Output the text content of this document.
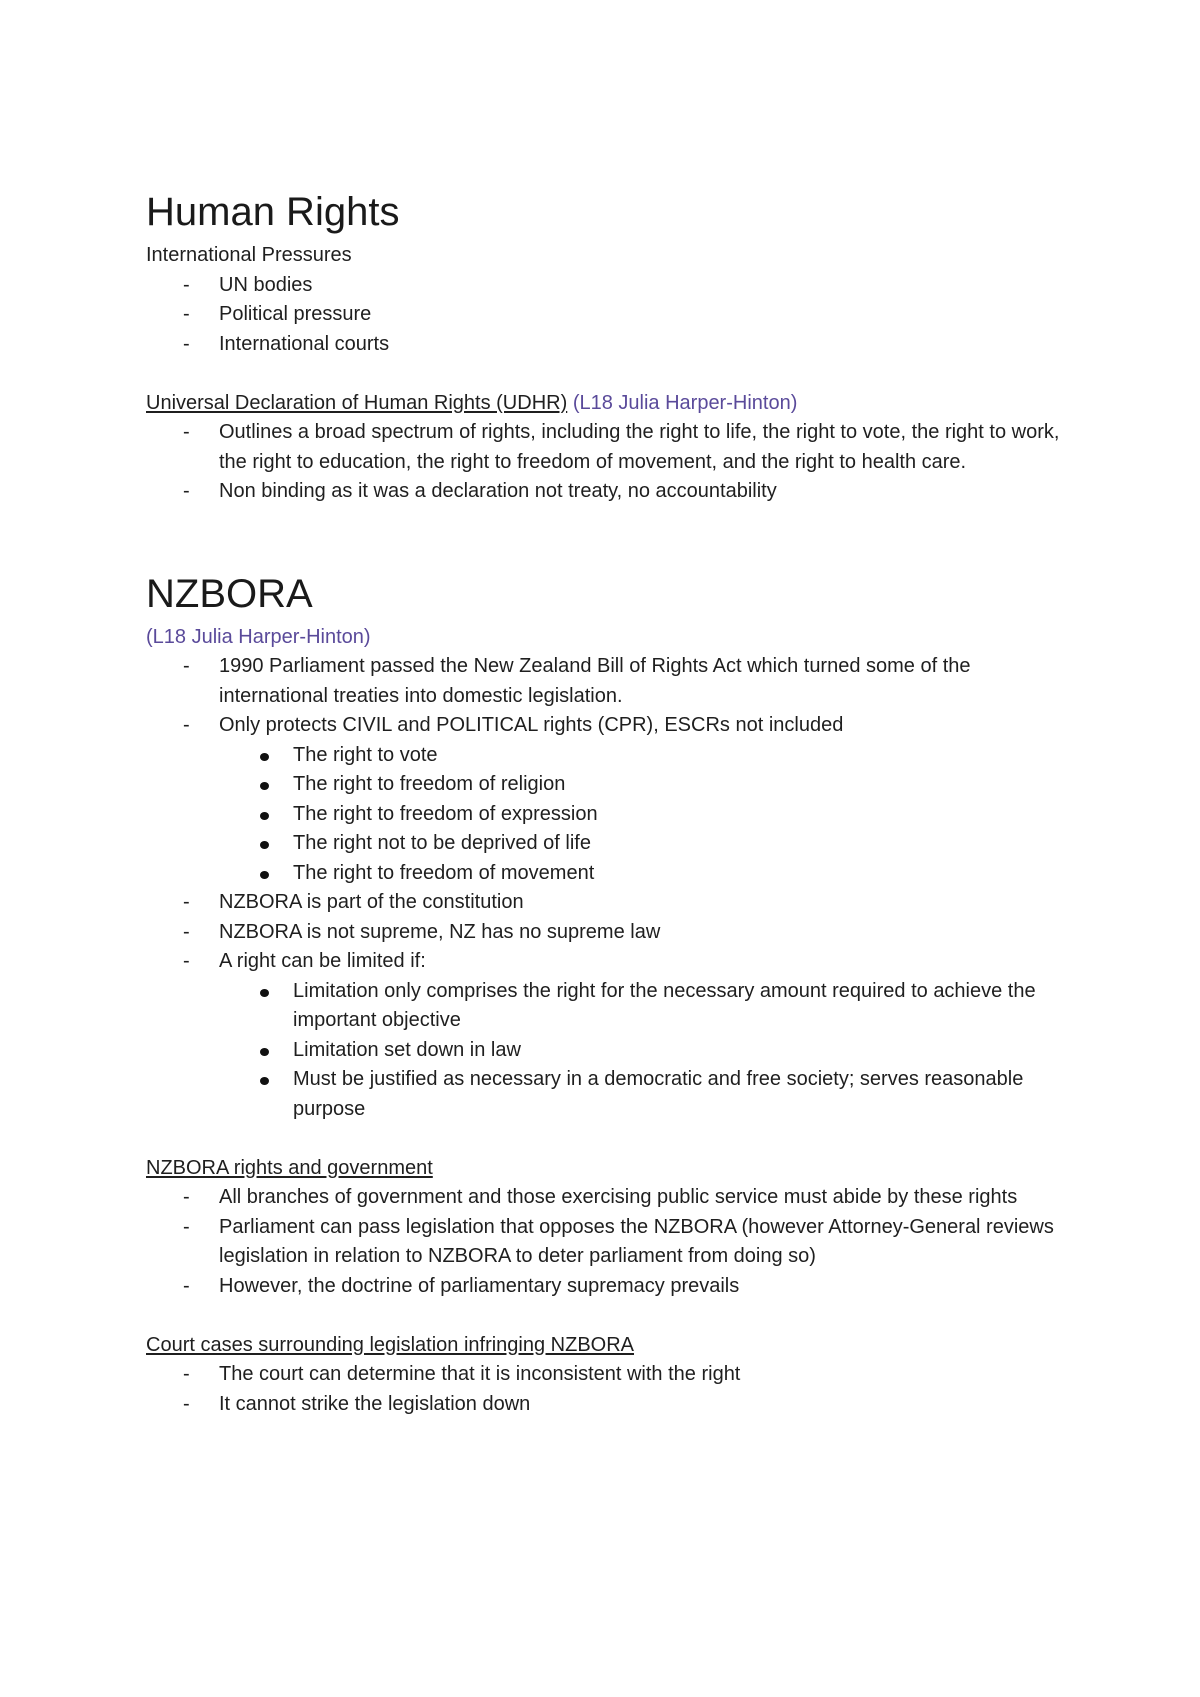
Human Rights

International Pressures

- UN bodies
- Political pressure
- International courts

Universal Declaration of Human Rights (UDHR) (L18 Julia Harper-Hinton)

- Outlines a broad spectrum of rights, including the right to life, the right to vote, the right to work, the right to education, the right to freedom of movement, and the right to health care.
- Non binding as it was a declaration not treaty, no accountability
NZBORA

(L18 Julia Harper-Hinton)

- 1990 Parliament passed the New Zealand Bill of Rights Act which turned some of the international treaties into domestic legislation.
- Only protects CIVIL and POLITICAL rights (CPR), ESCRs not included
The right to vote
The right to freedom of religion
The right to freedom of expression
The right not to be deprived of life
The right to freedom of movement
- NZBORA is part of the constitution
- NZBORA is not supreme, NZ has no supreme law
- A right can be limited if:
Limitation only comprises the right for the necessary amount required to achieve the important objective
Limitation set down in law
Must be justified as necessary in a democratic and free society; serves reasonable purpose

NZBORA rights and government

- All branches of government and those exercising public service must abide by these rights
- Parliament can pass legislation that opposes the NZBORA (however Attorney-General reviews legislation in relation to NZBORA to deter parliament from doing so)
- However, the doctrine of parliamentary supremacy prevails

Court cases surrounding legislation infringing NZBORA

- The court can determine that it is inconsistent with the right
- It cannot strike the legislation down
